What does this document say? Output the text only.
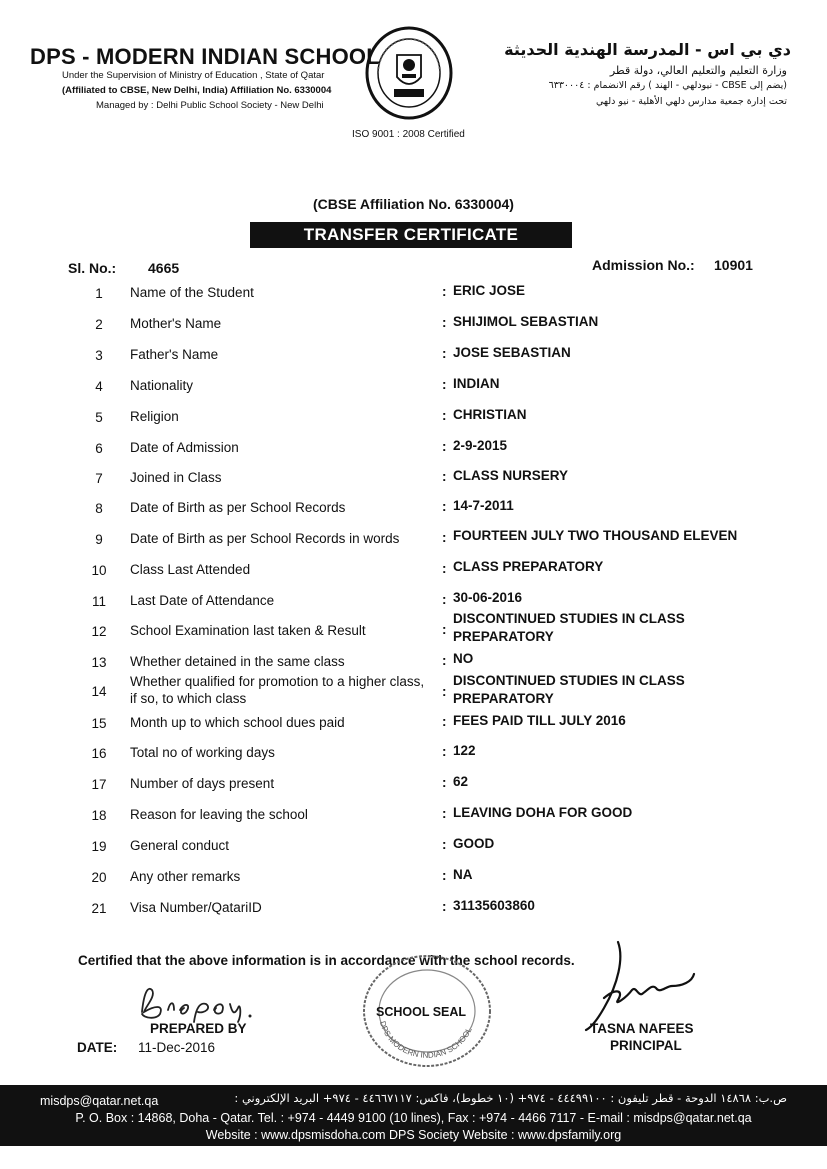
DPS - MODERN INDIAN SCHOOL
Under the Supervision of Ministry of Education , State of Qatar
(Affiliated to CBSE, New Delhi, India) Affiliation No. 6330004
Managed by : Delhi Public School Society - New Delhi
دي بي اس - المدرسة الهندية الحديثة
وزارة التعليم والتعليم العالي، دولة قطر
(يضم إلى CBSE - نيودلهي - الهند ) رقم الانضمام : ٦٣٣٠٠٠٤
تحت إدارة جمعية مدارس دلهي الأهلية - نيو دلهي
ISO 9001 : 2008 Certified
(CBSE Affiliation No. 6330004)
TRANSFER CERTIFICATE
Sl. No.: 4665	Admission No.: 10901
1	Name of the Student	: ERIC JOSE
2	Mother's Name	: SHIJIMOL SEBASTIAN
3	Father's Name	: JOSE SEBASTIAN
4	Nationality	: INDIAN
5	Religion	: CHRISTIAN
6	Date of Admission	: 2-9-2015
7	Joined in Class	: CLASS NURSERY
8	Date of Birth as per School Records	: 14-7-2011
9	Date of Birth as per School Records in words	: FOURTEEN JULY TWO THOUSAND ELEVEN
10 Class Last Attended	: CLASS PREPARATORY
11 Last Date of Attendance	: 30-06-2016
12 School Examination last taken & Result	:
DISCONTINUED STUDIES IN CLASS
PREPARATORY
13 Whether detained in the same class	: NO
14
Whether qualified for promotion to a higher class,
if so, to which class	:
DISCONTINUED STUDIES IN CLASS
PREPARATORY
15 Month up to which school dues paid	: FEES PAID TILL JULY 2016
16 Total no of working days	: 122
17 Number of days present	: 62
18 Reason for leaving the school	: LEAVING DOHA FOR GOOD
19 General conduct	: GOOD
20 Any other remarks	: NA
21 Visa Number/QatariID	: 31135603860
Certified that the above information is in accordance with the school records.
DPS-MODERN INDIAN SCHOOL
SCHOOL SEAL
PREPARED BY
DATE: 11-Dec-2016
TASNA NAFEES
PRINCIPAL
misdps@qatar.net.qa	ص.ب: ١٤٨٦٨ الدوحة - قطر تليفون : ٤٤٤٩٩١٠٠ - ٩٧٤+ (١٠ خطوط)، فاكس: ٤٤٦٦٧١١٧ - ٩٧٤+ البريد الإلكتروني :
P. O. Box : 14868, Doha - Qatar. Tel. : +974 - 4449 9100 (10 lines), Fax : +974 - 4466 7117 - E-mail : misdps@qatar.net.qa
Website : www.dpsmisdoha.com DPS Society Website : www.dpsfamily.org
